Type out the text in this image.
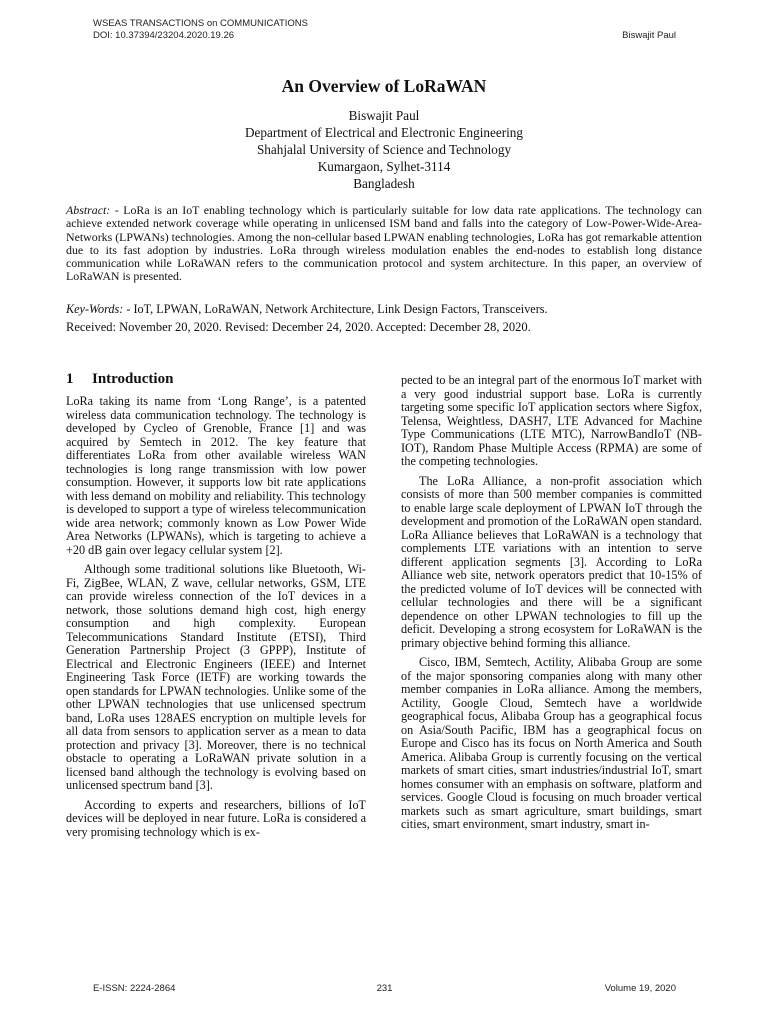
WSEAS TRANSACTIONS on COMMUNICATIONS
DOI: 10.37394/23204.2020.19.26	Biswajit Paul
An Overview of LoRaWAN
Biswajit Paul
Department of Electrical and Electronic Engineering
Shahjalal University of Science and Technology
Kumargaon, Sylhet-3114
Bangladesh
Abstract: - LoRa is an IoT enabling technology which is particularly suitable for low data rate applications. The technology can achieve extended network coverage while operating in unlicensed ISM band and falls into the category of Low-Power-Wide-Area-Networks (LPWANs) technologies. Among the non-cellular based LPWAN enabling technologies, LoRa has got remarkable attention due to its fast adoption by industries. LoRa through wireless modulation enables the end-nodes to establish long distance communication while LoRaWAN refers to the communication protocol and system architecture. In this paper, an overview of LoRaWAN is presented.
Key-Words: - IoT, LPWAN, LoRaWAN, Network Architecture, Link Design Factors, Transceivers.
Received: November 20, 2020. Revised: December 24, 2020. Accepted: December 28, 2020.
1 Introduction

LoRa taking its name from ‘Long Range’, is a patented wireless data communication technology. The technology is developed by Cycleo of Grenoble, France [1] and was acquired by Semtech in 2012. The key feature that differentiates LoRa from other available wireless WAN technologies is long range transmission with low power consumption. However, it supports low bit rate applications with less demand on mobility and reliability. This technology is developed to support a type of wireless telecommunication wide area network; commonly known as Low Power Wide Area Networks (LPWANs), which is targeting to achieve a +20 dB gain over legacy cellular system [2].

Although some traditional solutions like Bluetooth, Wi-Fi, ZigBee, WLAN, Z wave, cellular networks, GSM, LTE can provide wireless connection of the IoT devices in a network, those solutions demand high cost, high energy consumption and high complexity. European Telecommunications Standard Institute (ETSI), Third Generation Partnership Project (3 GPPP), Institute of Electrical and Electronic Engineers (IEEE) and Internet Engineering Task Force (IETF) are working towards the open standards for LPWAN technologies. Unlike some of the other LPWAN technologies that use unlicensed spectrum band, LoRa uses 128AES encryption on multiple levels for all data from sensors to application server as a mean to data protection and privacy [3]. Moreover, there is no technical obstacle to operating a LoRaWAN private solution in a licensed band although the technology is evolving based on unlicensed spectrum band [3].

According to experts and researchers, billions of IoT devices will be deployed in near future. LoRa is considered a very promising technology which is ex-

pected to be an integral part of the enormous IoT market with a very good industrial support base. LoRa is currently targeting some specific IoT application sectors where Sigfox, Telensa, Weightless, DASH7, LTE Advanced for Machine Type Communications (LTE MTC), NarrowBandIoT (NB-IOT), Random Phase Multiple Access (RPMA) are some of the competing technologies.

The LoRa Alliance, a non-profit association which consists of more than 500 member companies is committed to enable large scale deployment of LPWAN IoT through the development and promotion of the LoRaWAN open standard. LoRa Alliance believes that LoRaWAN is a technology that complements LTE variations with an intention to serve different application segments [3]. According to LoRa Alliance web site, network operators predict that 10-15% of the predicted volume of IoT devices will be connected with cellular technologies and there will be a significant dependence on other LPWAN technologies to fill up the deficit. Developing a strong ecosystem for LoRaWAN is the primary objective behind forming this alliance.

Cisco, IBM, Semtech, Actility, Alibaba Group are some of the major sponsoring companies along with many other member companies in LoRa alliance. Among the members, Actility, Google Cloud, Semtech have a worldwide geographical focus, Alibaba Group has a geographical focus on Asia/South Pacific, IBM has a geographical focus on Europe and Cisco has its focus on North America and South America. Alibaba Group is currently focusing on the vertical markets of smart cities, smart industries/industrial IoT, smart homes consumer with an emphasis on software, platform and services. Google Cloud is focusing on much broader vertical markets such as smart agriculture, smart buildings, smart cities, smart environment, smart industry, smart in-

E-ISSN: 2224-2864	231	Volume 19, 2020
